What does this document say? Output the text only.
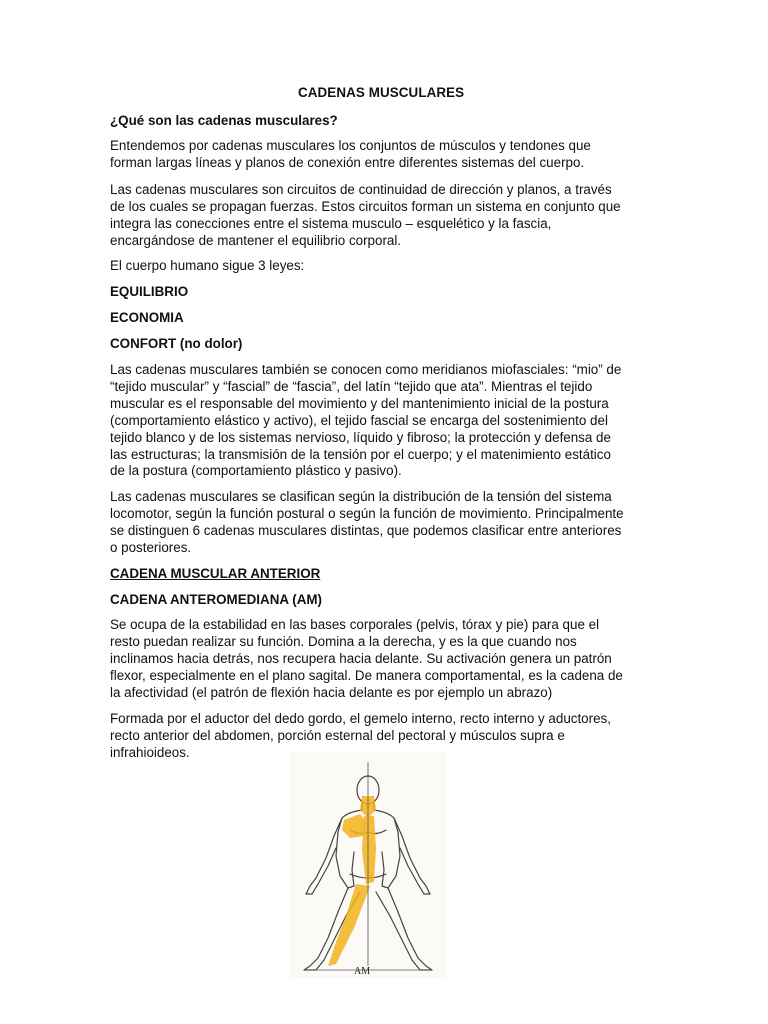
CADENAS MUSCULARES

¿Qué son las cadenas musculares?

Entendemos por cadenas musculares los conjuntos de músculos y tendones que
forman largas líneas y planos de conexión entre diferentes sistemas del cuerpo.

Las cadenas musculares son circuitos de continuidad de dirección y planos, a través
de los cuales se propagan fuerzas. Estos circuitos forman un sistema en conjunto que
integra las conecciones entre el sistema musculo – esquelético y la fascia,
encargándose de mantener el equilibrio corporal.

El cuerpo humano sigue 3 leyes:

EQUILIBRIO

ECONOMIA

CONFORT (no dolor)

Las cadenas musculares también se conocen como meridianos miofasciales: “mio” de
“tejido muscular” y “fascial” de “fascia”, del latín “tejido que ata”. Mientras el tejido
muscular es el responsable del movimiento y del mantenimiento inicial de la postura
(comportamiento elástico y activo), el tejido fascial se encarga del sostenimiento del
tejido blanco y de los sistemas nervioso, líquido y fibroso; la protección y defensa de
las estructuras; la transmisión de la tensión por el cuerpo; y el matenimiento estático
de la postura (comportamiento plástico y pasivo).

Las cadenas musculares se clasifican según la distribución de la tensión del sistema
locomotor, según la función postural o según la función de movimiento. Principalmente
se distinguen 6 cadenas musculares distintas, que podemos clasificar entre anteriores
o posteriores.

CADENA MUSCULAR ANTERIOR

CADENA ANTEROMEDIANA (AM)

Se ocupa de la estabilidad en las bases corporales (pelvis, tórax y pie) para que el
resto puedan realizar su función. Domina a la derecha, y es la que cuando nos
inclinamos hacia detrás, nos recupera hacia delante. Su activación genera un patrón
flexor, especialmente en el plano sagital. De manera comportamental, es la cadena de
la afectividad (el patrón de flexión hacia delante es por ejemplo un abrazo)

Formada por el aductor del dedo gordo, el gemelo interno, recto interno y aductores,
recto anterior del abdomen, porción esternal del pectoral y músculos supra e
infrahioideos.

AM
